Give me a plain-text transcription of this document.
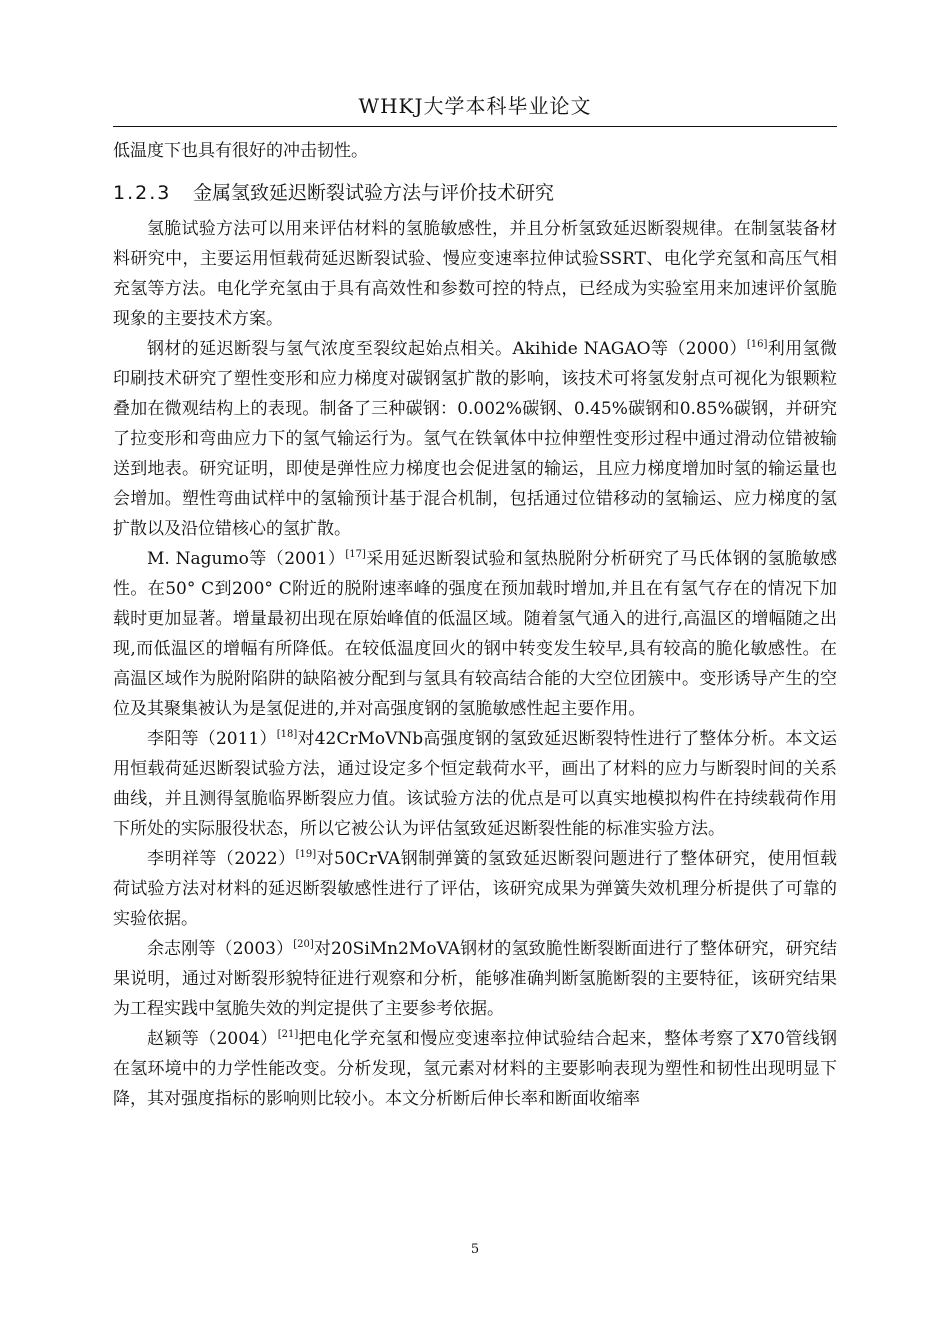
WHKJ大学本科毕业论文

低温度下也具有很好的冲击韧性。

1.2.3 金属氢致延迟断裂试验方法与评价技术研究

氢脆试验方法可以用来评估材料的氢脆敏感性，并且分析氢致延迟断裂规律。在制氢装备材料研究中，主要运用恒载荷延迟断裂试验、慢应变速率拉伸试验SSRT、电化学充氢和高压气相充氢等方法。电化学充氢由于具有高效性和参数可控的特点，已经成为实验室用来加速评价氢脆现象的主要技术方案。

钢材的延迟断裂与氢气浓度至裂纹起始点相关。Akihide NAGAO等（2000）[16]利用氢微印刷技术研究了塑性变形和应力梯度对碳钢氢扩散的影响，该技术可将氢发射点可视化为银颗粒叠加在微观结构上的表现。制备了三种碳钢：0.002%碳钢、0.45%碳钢和0.85%碳钢，并研究了拉变形和弯曲应力下的氢气输运行为。氢气在铁氧体中拉伸塑性变形过程中通过滑动位错被输送到地表。研究证明，即使是弹性应力梯度也会促进氢的输运，且应力梯度增加时氢的输运量也会增加。塑性弯曲试样中的氢输预计基于混合机制，包括通过位错移动的氢输运、应力梯度的氢扩散以及沿位错核心的氢扩散。

M. Nagumo等（2001）[17]采用延迟断裂试验和氢热脱附分析研究了马氏体钢的氢脆敏感性。在50° C到200° C附近的脱附速率峰的强度在预加载时增加,并且在有氢气存在的情况下加载时更加显著。增量最初出现在原始峰值的低温区域。随着氢气通入的进行,高温区的增幅随之出现,而低温区的增幅有所降低。在较低温度回火的钢中转变发生较早,具有较高的脆化敏感性。在高温区域作为脱附陷阱的缺陷被分配到与氢具有较高结合能的大空位团簇中。变形诱导产生的空位及其聚集被认为是氢促进的,并对高强度钢的氢脆敏感性起主要作用。

李阳等（2011）[18]对42CrMoVNb高强度钢的氢致延迟断裂特性进行了整体分析。本文运用恒载荷延迟断裂试验方法，通过设定多个恒定载荷水平，画出了材料的应力与断裂时间的关系曲线，并且测得氢脆临界断裂应力值。该试验方法的优点是可以真实地模拟构件在持续载荷作用下所处的实际服役状态，所以它被公认为评估氢致延迟断裂性能的标准实验方法。

李明祥等（2022）[19]对50CrVA钢制弹簧的氢致延迟断裂问题进行了整体研究，使用恒载荷试验方法对材料的延迟断裂敏感性进行了评估，该研究成果为弹簧失效机理分析提供了可靠的实验依据。

余志刚等（2003）[20]对20SiMn2MoVA钢材的氢致脆性断裂断面进行了整体研究，研究结果说明，通过对断裂形貌特征进行观察和分析，能够准确判断氢脆断裂的主要特征，该研究结果为工程实践中氢脆失效的判定提供了主要参考依据。

赵颖等（2004）[21]把电化学充氢和慢应变速率拉伸试验结合起来，整体考察了X70管线钢在氢环境中的力学性能改变。分析发现，氢元素对材料的主要影响表现为塑性和韧性出现明显下降，其对强度指标的影响则比较小。本文分析断后伸长率和断面收缩率

5
